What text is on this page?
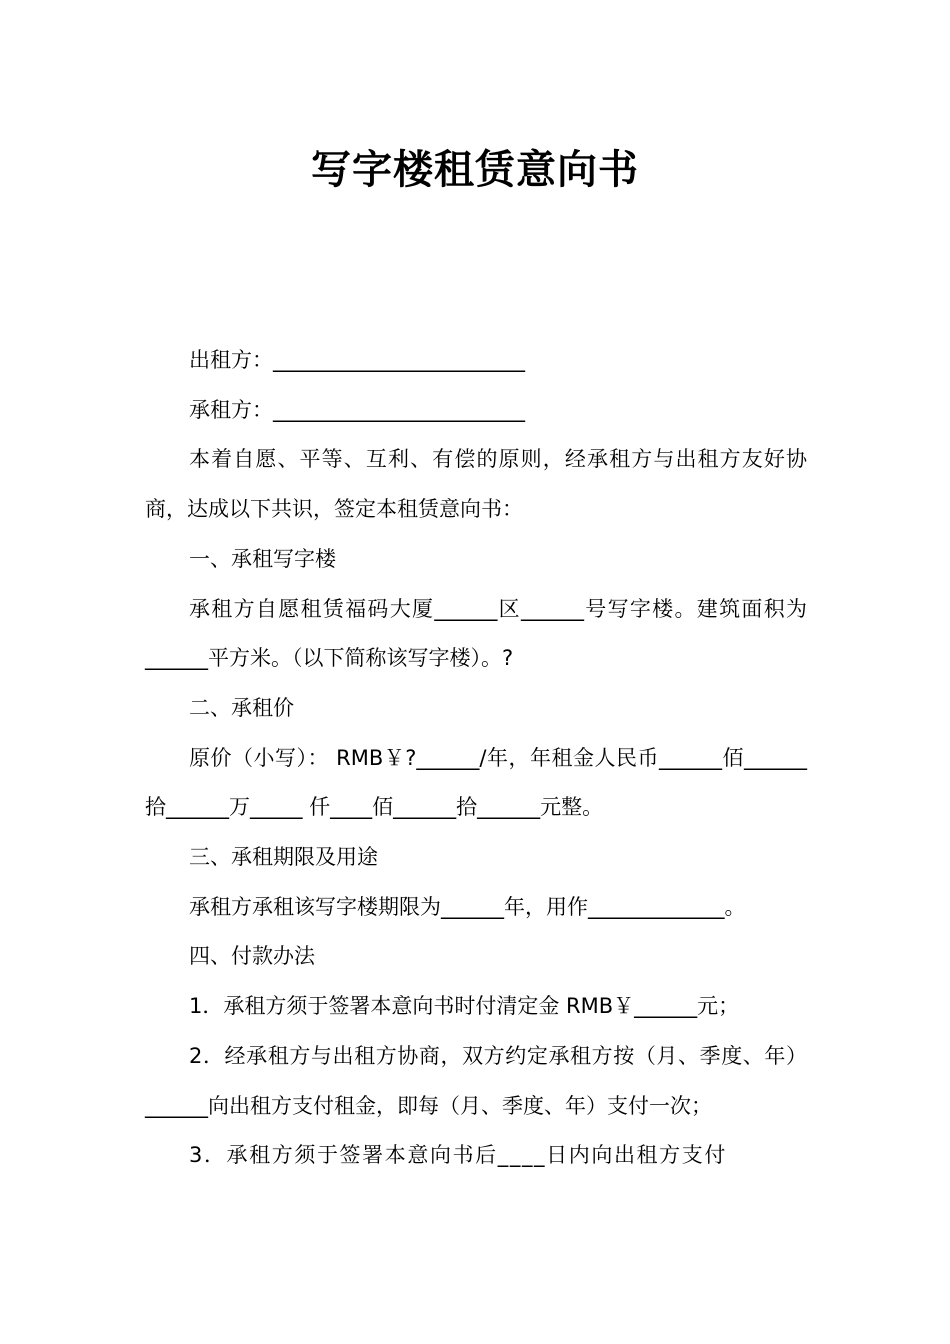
写字楼租赁意向书

出租方：________________________

承租方：________________________

本着自愿、平等、互利、有偿的原则，经承租方与出租方友好协商，达成以下共识，签定本租赁意向书：

一、承租写字楼

承租方自愿租赁福码大厦______区______号写字楼。建筑面积为______平方米。（以下简称该写字楼）。?

二、承租价

原价（小写）： RMB￥?______/年，年租金人民币______佰______ 拾______万_____ 仟____佰______拾______元整。

三、承租期限及用途

承租方承租该写字楼期限为______年，用作_____________。

四、付款办法

1．承租方须于签署本意向书时付清定金 RMB￥______元；

2．经承租方与出租方协商，双方约定承租方按（月、季度、年）______向出租方支付租金，即每（月、季度、年）支付一次；

3．承租方须于签署本意向书后____日内向出租方支付
